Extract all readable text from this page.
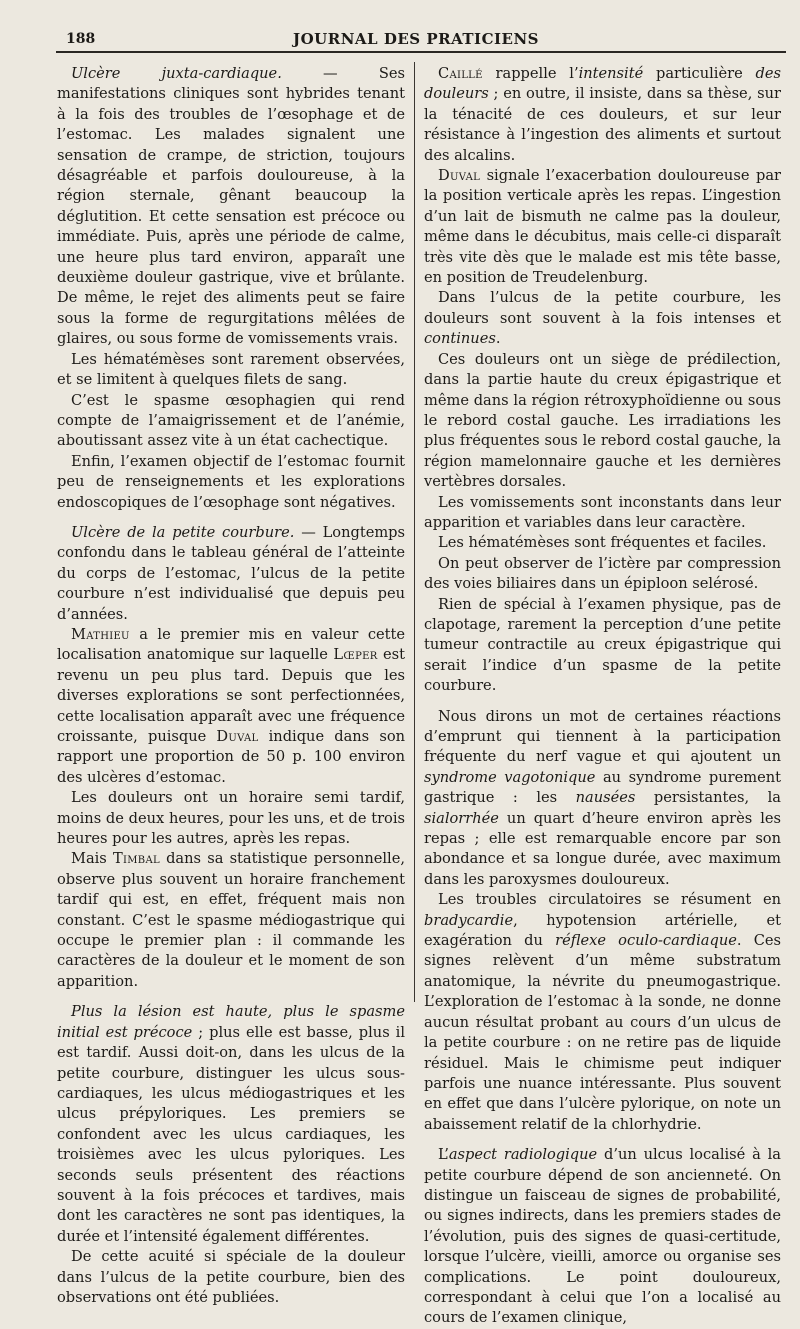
188	JOURNAL DES PRATICIENS

Ulcère juxta-cardiaque. — Ses manifestations cliniques sont hybrides tenant à la fois des troubles de l’œsophage et de l’estomac. Les malades signalent une sensation de crampe, de striction, toujours désagréable et parfois douloureuse, à la région sternale, gênant beaucoup la déglutition. Et cette sensation est précoce ou immédiate. Puis, après une période de calme, une heure plus tard environ, apparaît une deuxième douleur gastrique, vive et brûlante. De même, le rejet des aliments peut se faire sous la forme de regurgitations mêlées de glaires, ou sous forme de vomissements vrais.

Les hématémèses sont rarement observées, et se limitent à quelques filets de sang.

C’est le spasme œsophagien qui rend compte de l’amaigrissement et de l’anémie, aboutissant assez vite à un état cachectique.

Enfin, l’examen objectif de l’estomac fournit peu de renseignements et les explorations endoscopiques de l’œsophage sont négatives.

Ulcère de la petite courbure. — Longtemps confondu dans le tableau général de l’atteinte du corps de l’estomac, l’ulcus de la petite courbure n’est individualisé que depuis peu d’années.

Mathieu a le premier mis en valeur cette localisation anatomique sur laquelle Lœper est revenu un peu plus tard. Depuis que les diverses explorations se sont perfectionnées, cette localisation apparaît avec une fréquence croissante, puisque Duval indique dans son rapport une proportion de 50 p. 100 environ des ulcères d’estomac.

Les douleurs ont un horaire semi tardif, moins de deux heures, pour les uns, et de trois heures pour les autres, après les repas.

Mais Timbal dans sa statistique personnelle, observe plus souvent un horaire franchement tardif qui est, en effet, fréquent mais non constant. C’est le spasme médiogastrique qui occupe le premier plan : il commande les caractères de la douleur et le moment de son apparition.

Plus la lésion est haute, plus le spasme initial est précoce ; plus elle est basse, plus il est tardif. Aussi doit-on, dans les ulcus de la petite courbure, distinguer les ulcus sous-cardiaques, les ulcus médiogastriques et les ulcus prépyloriques. Les premiers se confondent avec les ulcus cardiaques, les troisièmes avec les ulcus pyloriques. Les seconds seuls présentent des réactions souvent à la fois précoces et tardives, mais dont les caractères ne sont pas identiques, la durée et l’intensité également différentes.

De cette acuité si spéciale de la douleur dans l’ulcus de la petite courbure, bien des observations ont été publiées.

Caillé rappelle l’intensité particulière des douleurs ; en outre, il insiste, dans sa thèse, sur la ténacité de ces douleurs, et sur leur résistance à l’ingestion des aliments et surtout des alcalins.

Duval signale l’exacerbation douloureuse par la position verticale après les repas. L’ingestion d’un lait de bismuth ne calme pas la douleur, même dans le décubitus, mais celle-ci disparaît très vite dès que le malade est mis tête basse, en position de Treudelenburg.

Dans l’ulcus de la petite courbure, les douleurs sont souvent à la fois intenses et continues.

Ces douleurs ont un siège de prédilection, dans la partie haute du creux épigastrique et même dans la région rétroxyphoïdienne ou sous le rebord costal gauche. Les irradiations les plus fréquentes sous le rebord costal gauche, la région mamelonnaire gauche et les dernières vertèbres dorsales.

Les vomissements sont inconstants dans leur apparition et variables dans leur caractère.

Les hématémèses sont fréquentes et faciles.

On peut observer de l’ictère par compression des voies biliaires dans un épiploon selérosé.

Rien de spécial à l’examen physique, pas de clapotage, rarement la perception d’une petite tumeur contractile au creux épigastrique qui serait l’indice d’un spasme de la petite courbure.

Nous dirons un mot de certaines réactions d’emprunt qui tiennent à la participation fréquente du nerf vague et qui ajoutent un syndrome vagotonique au syndrome purement gastrique : les nausées persistantes, la sialorrhée un quart d’heure environ après les repas ; elle est remarquable encore par son abondance et sa longue durée, avec maximum dans les paroxysmes douloureux.

Les troubles circulatoires se résument en bradycardie, hypotension artérielle, et exagération du réflexe oculo-cardiaque. Ces signes relèvent d’un même substratum anatomique, la névrite du pneumogastrique. L’exploration de l’estomac à la sonde, ne donne aucun résultat probant au cours d’un ulcus de la petite courbure : on ne retire pas de liquide résiduel. Mais le chimisme peut indiquer parfois une nuance intéressante. Plus souvent en effet que dans l’ulcère pylorique, on note un abaissement relatif de la chlorhydrie.

L’aspect radiologique d’un ulcus localisé à la petite courbure dépend de son ancienneté. On distingue un faisceau de signes de probabilité, ou signes indirects, dans les premiers stades de l’évolution, puis des signes de quasi-certitude, lorsque l’ulcère, vieilli, amorce ou organise ses complications. Le point douloureux, correspondant à celui que l’on a localisé au cours de l’examen clinique,
